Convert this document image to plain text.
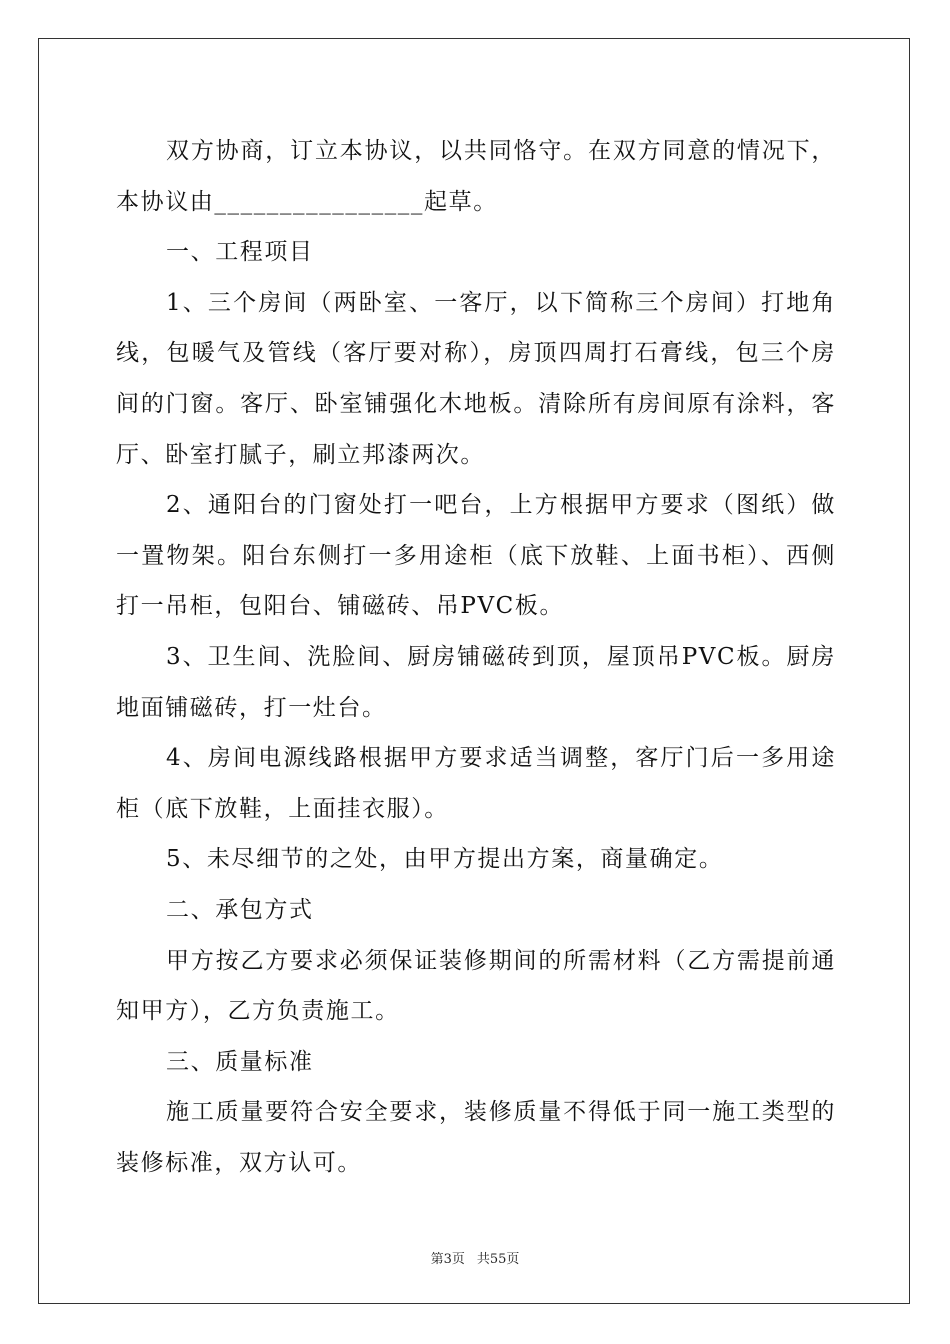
双方协商，订立本协议，以共同恪守。在双方同意的情况下，本协议由________________起草。

一、工程项目

1、三个房间（两卧室、一客厅，以下简称三个房间）打地角线，包暖气及管线（客厅要对称），房顶四周打石膏线，包三个房间的门窗。客厅、卧室铺强化木地板。清除所有房间原有涂料，客厅、卧室打腻子，刷立邦漆两次。

2、通阳台的门窗处打一吧台，上方根据甲方要求（图纸）做一置物架。阳台东侧打一多用途柜（底下放鞋、上面书柜）、西侧打一吊柜，包阳台、铺磁砖、吊PVC板。

3、卫生间、洗脸间、厨房铺磁砖到顶，屋顶吊PVC板。厨房地面铺磁砖，打一灶台。

4、房间电源线路根据甲方要求适当调整，客厅门后一多用途柜（底下放鞋，上面挂衣服）。

5、未尽细节的之处，由甲方提出方案，商量确定。

二、承包方式

甲方按乙方要求必须保证装修期间的所需材料（乙方需提前通知甲方），乙方负责施工。

三、质量标准

施工质量要符合安全要求，装修质量不得低于同一施工类型的装修标准，双方认可。

第3页 共55页
